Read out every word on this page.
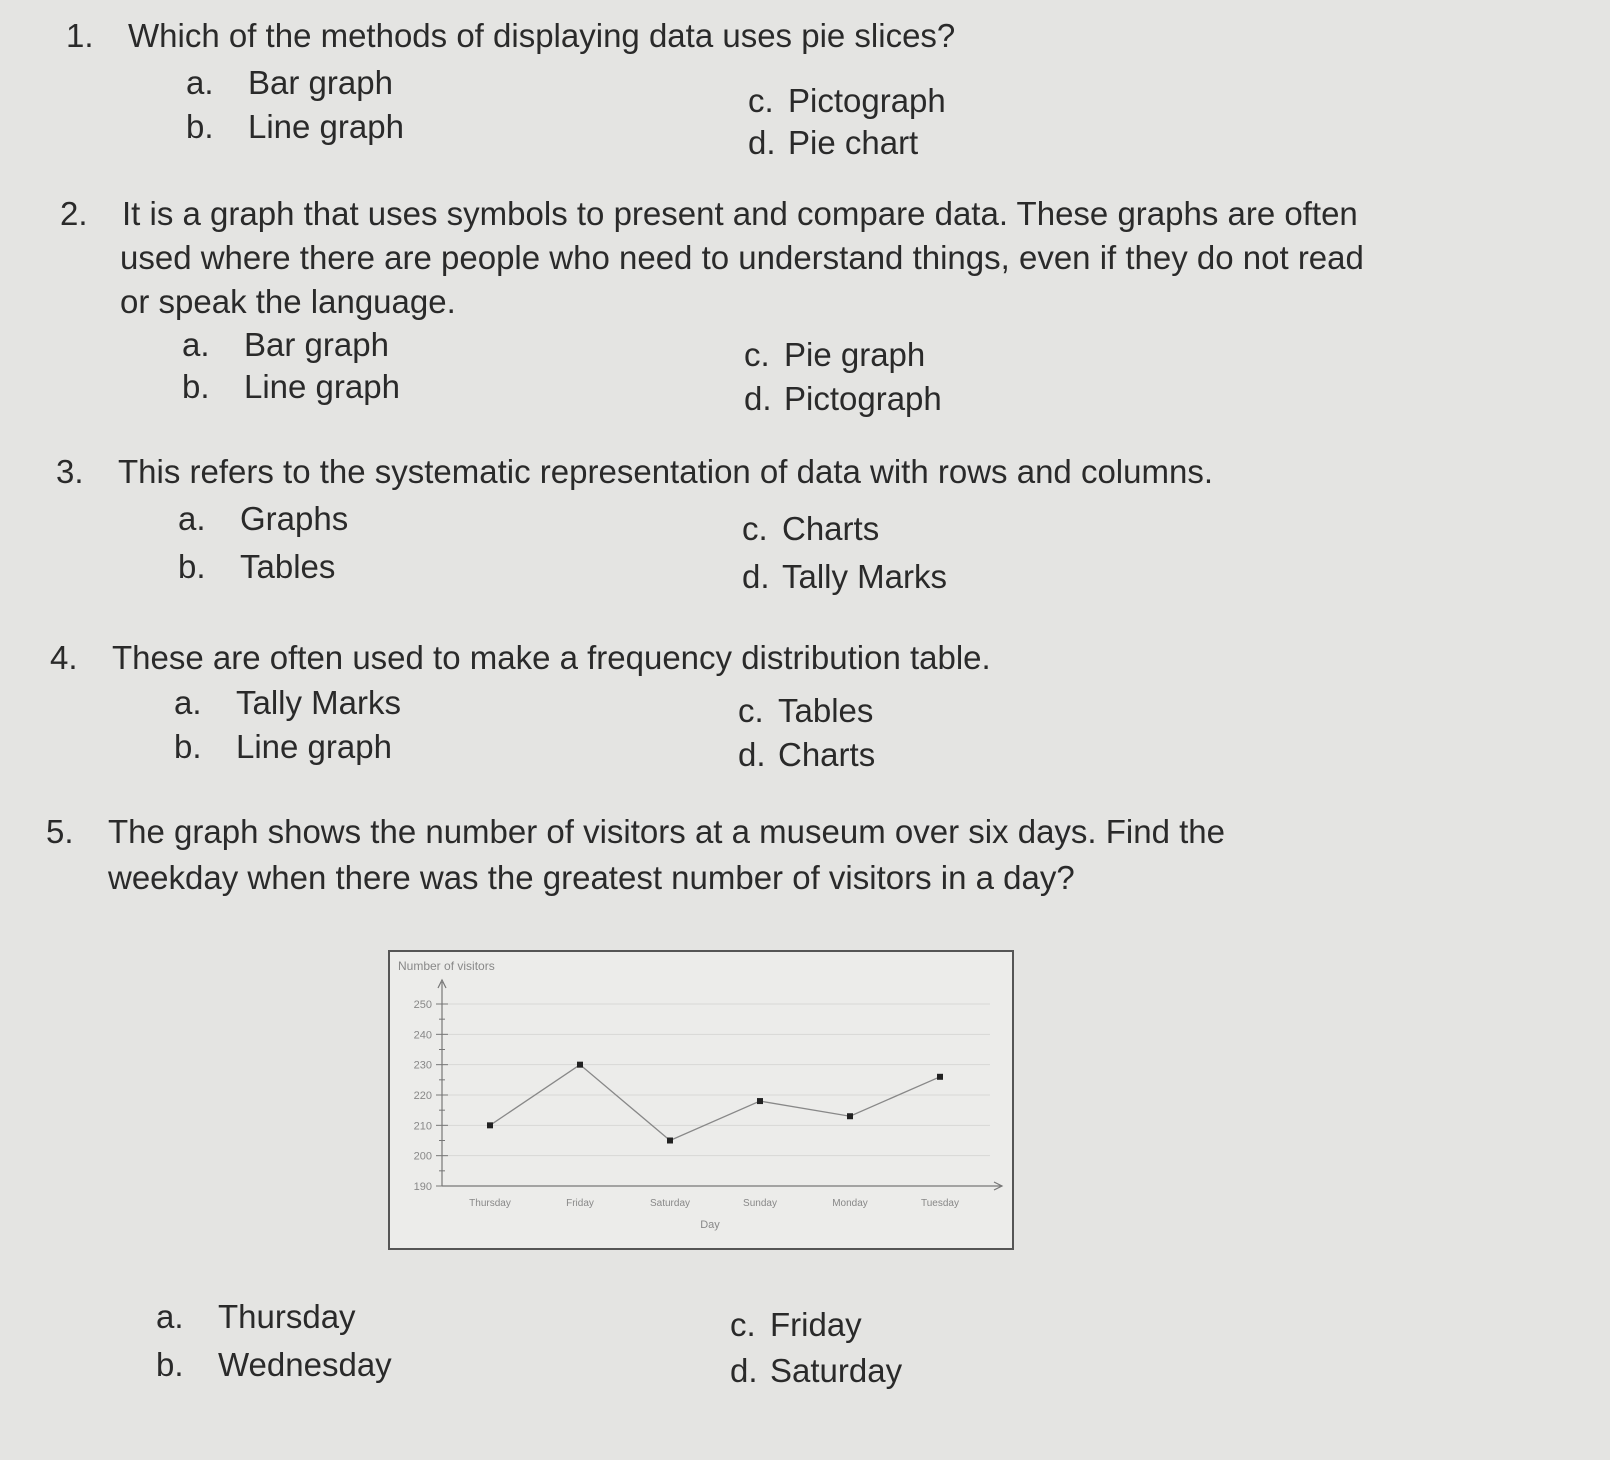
1. Which of the methods of displaying data uses pie slices?
a. Bar graph
b. Line graph
c. Pictograph
d. Pie chart
2. It is a graph that uses symbols to present and compare data. These graphs are often
used where there are people who need to understand things, even if they do not read
or speak the language.
a. Bar graph
b. Line graph
c. Pie graph
d. Pictograph
3. This refers to the systematic representation of data with rows and columns.
a. Graphs
b. Tables
c. Charts
d. Tally Marks
4. These are often used to make a frequency distribution table.
a. Tally Marks
b. Line graph
c. Tables
d. Charts
5. The graph shows the number of visitors at a museum over six days. Find the
weekday when there was the greatest number of visitors in a day?
Number of visitors
Day
190
200
210
220
230
240
250
Thursday	Friday	Saturday	Sunday	Monday	Tuesday
a. Thursday
b. Wednesday
c. Friday
d. Saturday
